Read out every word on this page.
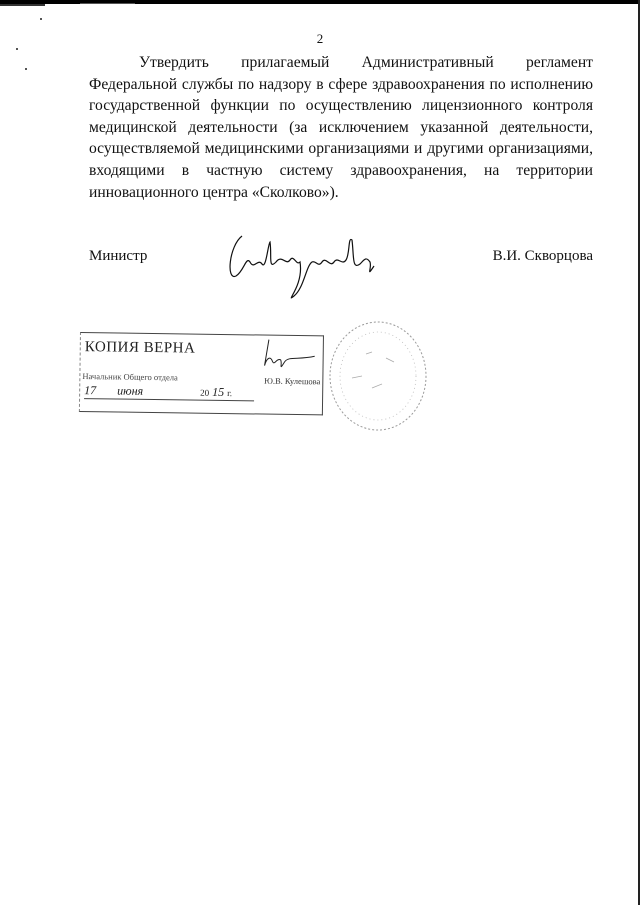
2

Утвердить прилагаемый Административный регламент Федеральной службы по надзору в сфере здравоохранения по исполнению государственной функции по осуществлению лицензионного контроля медицинской деятельности (за исключением указанной деятельности, осуществляемой медицинскими организациями и другими организациями, входящими в частную систему здравоохранения, на территории инновационного центра «Сколково»).

Министр	В.И. Скворцова
КОПИЯ ВЕРНА
Начальник Общего отдела	Ю.В. Кулешова
17 июня	20 15 г.
